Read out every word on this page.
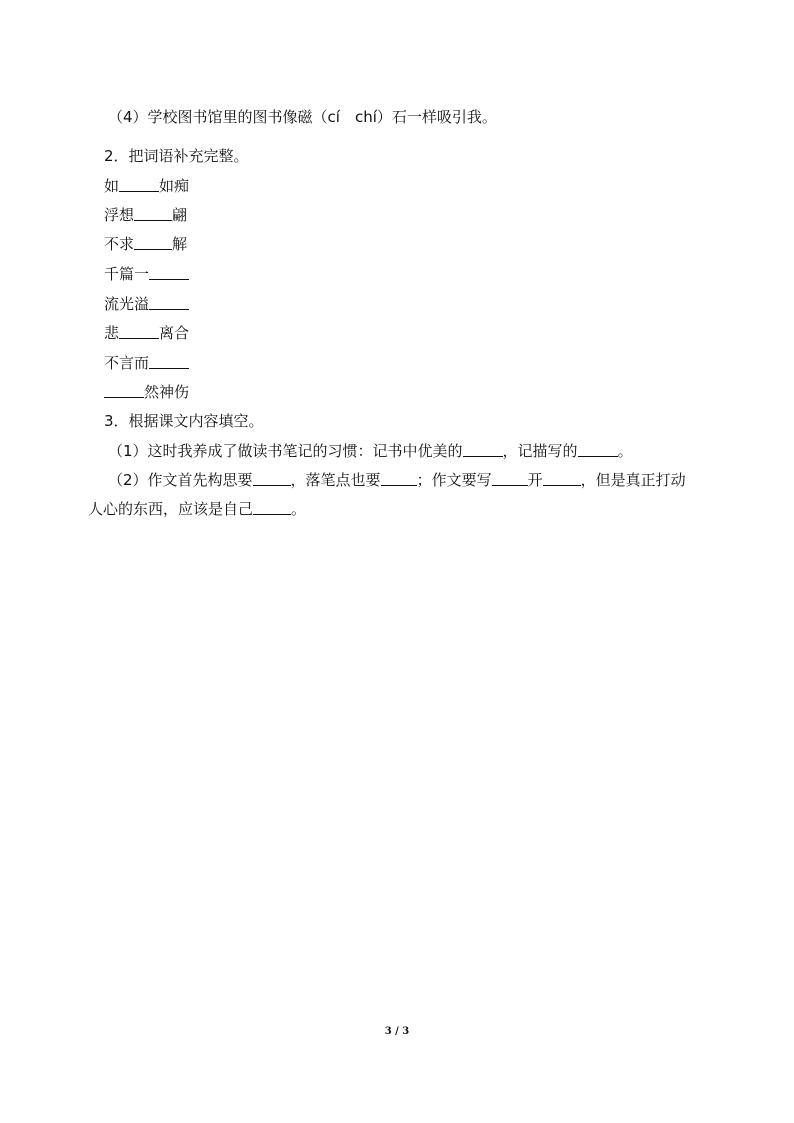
（4）学校图书馆里的图书像磁（cí　chí）石一样吸引我。
2．把词语补充完整。
如	如痴
浮想	翩
不求	解
千篇一
流光溢
悲	离合
不言而
然神伤
3．根据课文内容填空。
（1）这时我养成了做读书笔记的习惯：记书中优美的	，记描写的	。
（2）作文首先构思要	，落笔点也要 ；作文要写 开	，但是真正打动
人心的东西，应该是自己	。
3 / 3
